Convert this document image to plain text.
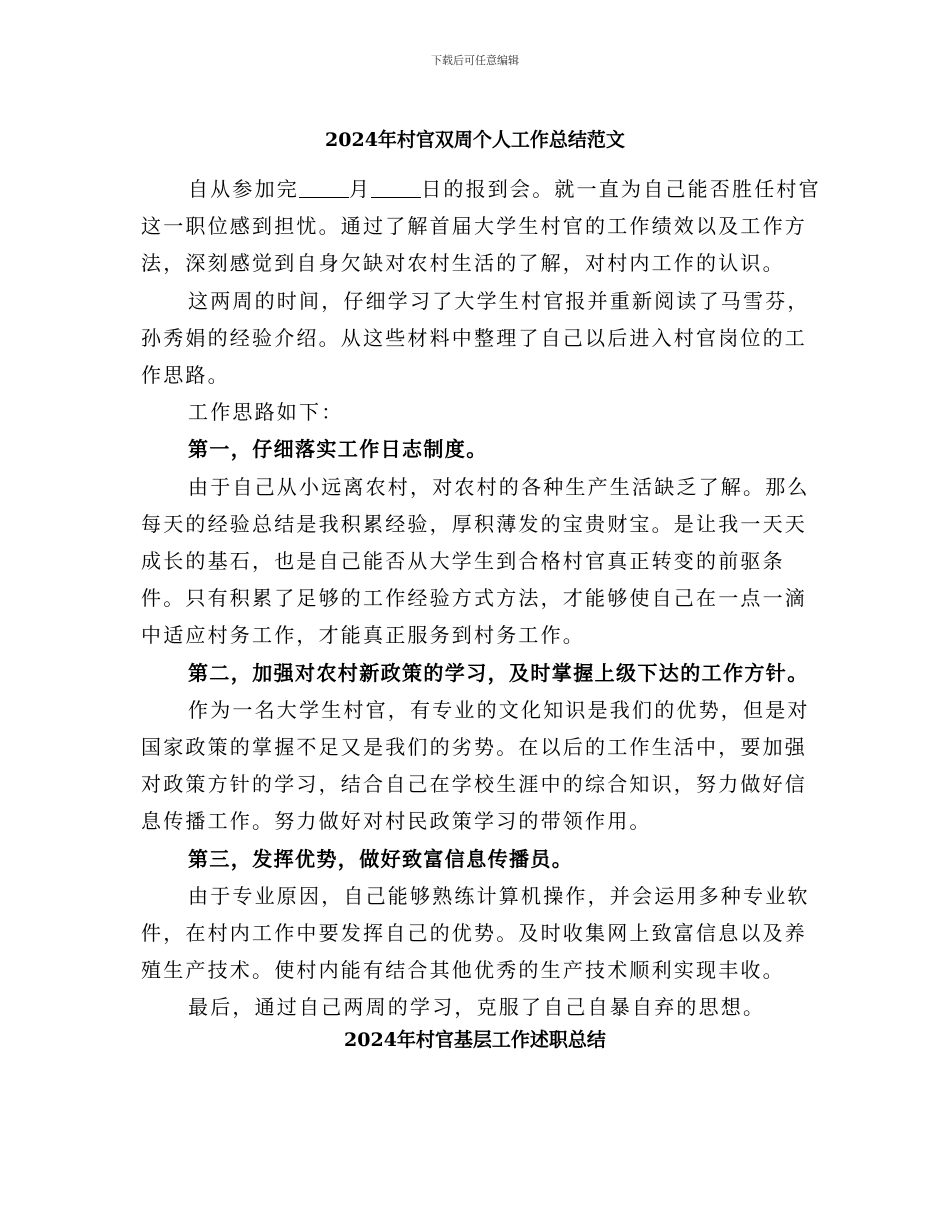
下载后可任意编辑
2024年村官双周个人工作总结范文

自从参加完	月	日的报到会。就一直为自己能否胜任村官这一职位感到担忧。通过了解首届大学生村官的工作绩效以及工作方法，深刻感觉到自身欠缺对农村生活的了解，对村内工作的认识。

这两周的时间，仔细学习了大学生村官报并重新阅读了马雪芬，孙秀娟的经验介绍。从这些材料中整理了自己以后进入村官岗位的工作思路。

工作思路如下：

第一，仔细落实工作日志制度。

由于自己从小远离农村，对农村的各种生产生活缺乏了解。那么每天的经验总结是我积累经验，厚积薄发的宝贵财宝。是让我一天天成长的基石，也是自己能否从大学生到合格村官真正转变的前驱条件。只有积累了足够的工作经验方式方法，才能够使自己在一点一滴中适应村务工作，才能真正服务到村务工作。

第二，加强对农村新政策的学习，及时掌握上级下达的工作方针。

作为一名大学生村官，有专业的文化知识是我们的优势，但是对国家政策的掌握不足又是我们的劣势。在以后的工作生活中，要加强对政策方针的学习，结合自己在学校生涯中的综合知识，努力做好信息传播工作。努力做好对村民政策学习的带领作用。

第三，发挥优势，做好致富信息传播员。

由于专业原因，自己能够熟练计算机操作，并会运用多种专业软件，在村内工作中要发挥自己的优势。及时收集网上致富信息以及养殖生产技术。使村内能有结合其他优秀的生产技术顺利实现丰收。

最后，通过自己两周的学习，克服了自己自暴自弃的思想。

2024年村官基层工作述职总结
